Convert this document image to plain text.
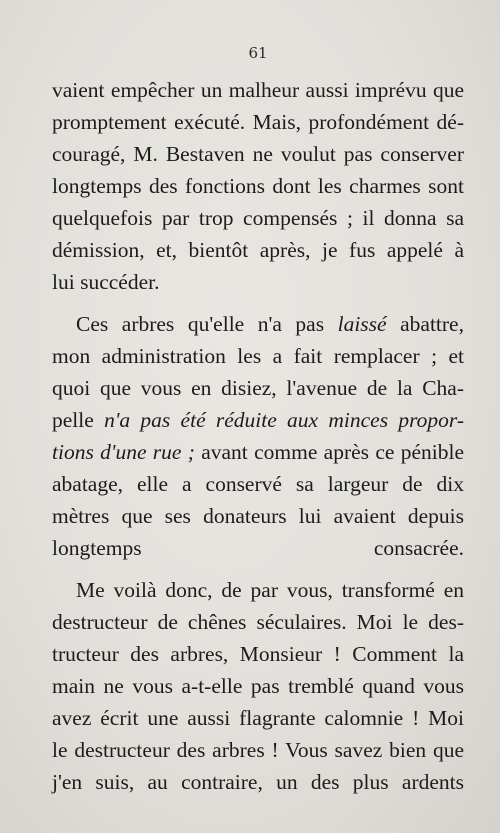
61
vaient empêcher un malheur aussi imprévu que
promptement exécuté. Mais, profondément dé-
couragé, M. Bestaven ne voulut pas conserver
longtemps des fonctions dont les charmes sont
quelquefois par trop compensés ; il donna sa
démission, et, bientôt après, je fus appelé à
lui succéder.
Ces arbres qu'elle n'a pas laissé abattre,
mon administration les a fait remplacer ; et
quoi que vous en disiez, l'avenue de la Cha-
pelle n'a pas été réduite aux minces propor-
tions d'une rue ; avant comme après ce pénible
abatage, elle a conservé sa largeur de dix
mètres que ses donateurs lui avaient depuis
longtemps consacrée.
Me voilà donc, de par vous, transformé en
destructeur de chênes séculaires. Moi le des-
tructeur des arbres, Monsieur ! Comment la
main ne vous a-t-elle pas tremblé quand vous
avez écrit une aussi flagrante calomnie ! Moi
le destructeur des arbres ! Vous savez bien que
j'en suis, au contraire, un des plus ardents
